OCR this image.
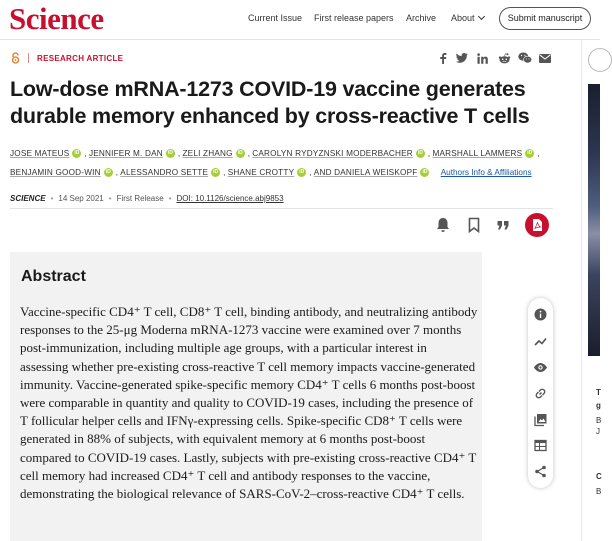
Science	Current Issue First release papers Archive About	Submit manuscript
RESEARCH ARTICLE
Low-dose mRNA-1273 COVID-19 vaccine generates durable memory enhanced by cross-reactive T cells
JOSE MATEUS iD , JENNIFER M. DAN iD , ZELI ZHANG iD , CAROLYN RYDYZNSKI MODERBACHER iD , MARSHALL LAMMERS iD , BENJAMIN GOOD-WIN iD , ALESSANDRO SETTE iD , SHANE CROTTY iD , AND DANIELA WEISKOPF iD Authors Info & Affiliations
SCIENCE • 14 Sep 2021 • First Release • DOI: 10.1126/science.abj9853
Abstract

Vaccine-specific CD4⁺ T cell, CD8⁺ T cell, binding antibody, and neutralizing antibody responses to the 25-μg Moderna mRNA-1273 vaccine were examined over 7 months post-immunization, including multiple age groups, with a particular interest in assessing whether pre-existing cross-reactive T cell memory impacts vaccine-generated immunity. Vaccine-generated spike-specific memory CD4⁺ T cells 6 months post-boost were comparable in quantity and quality to COVID-19 cases, including the presence of T follicular helper cells and IFNγ-expressing cells. Spike-specific CD8⁺ T cells were generated in 88% of subjects, with equivalent memory at 6 months post-boost compared to COVID-19 cases. Lastly, subjects with pre-existing cross-reactive CD4⁺ T cell memory had increased CD4⁺ T cell and antibody responses to the vaccine, demonstrating the biological relevance of SARS-CoV-2–cross-reactive CD4⁺ T cells.

T
g
B
J
C
B
